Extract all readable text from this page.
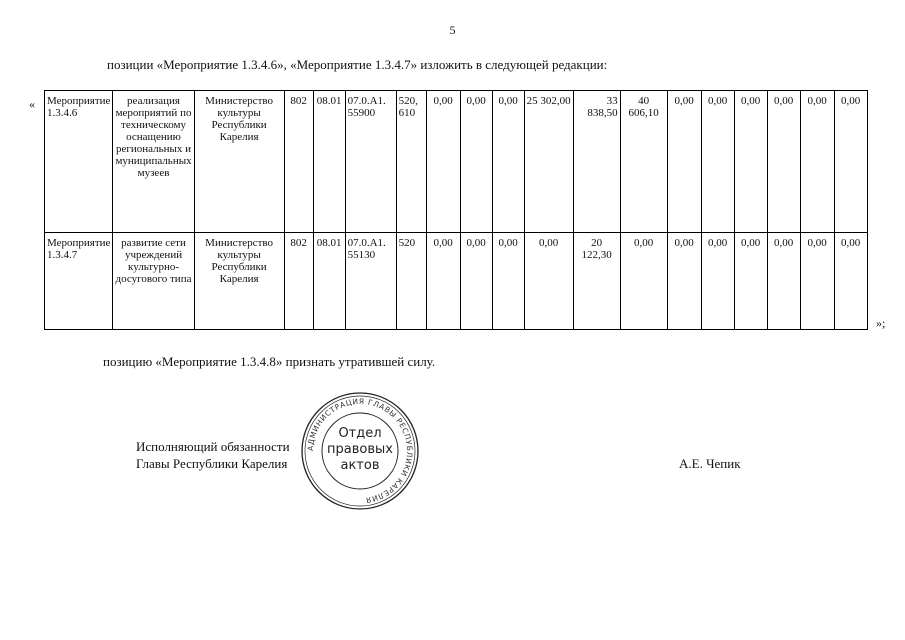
5
позиции «Мероприятие 1.3.4.6», «Мероприятие 1.3.4.7» изложить в следующей редакции:
« Мероприятие 1.3.4.6	реализация мероприятий по техническому оснащению региональных и муниципальных музеев	Министерство культуры Республики Карелия	802	08.01	07.0.А1. 55900	520, 610	0,00	0,00	0,00	25 302,00	33 838,50	40 606,10	0,00	0,00	0,00	0,00	0,00	0,00
Мероприятие 1.3.4.7	развитие сети учреждений культурно-досугового типа	Министерство культуры Республики Карелия	802	08.01	07.0.А1. 55130	520	0,00	0,00	0,00	0,00	20 122,30	0,00	0,00	0,00	0,00	0,00	0,00	0,00
»;
позицию «Мероприятие 1.3.4.8» признать утратившей силу.
Исполняющий обязанности
Главы Республики Карелия
АДМИНИСТРАЦИЯ ГЛАВЫ РЕСПУБЛИКИ КАРЕЛИЯ
Отдел
правовых
актов	А.Е. Чепик
